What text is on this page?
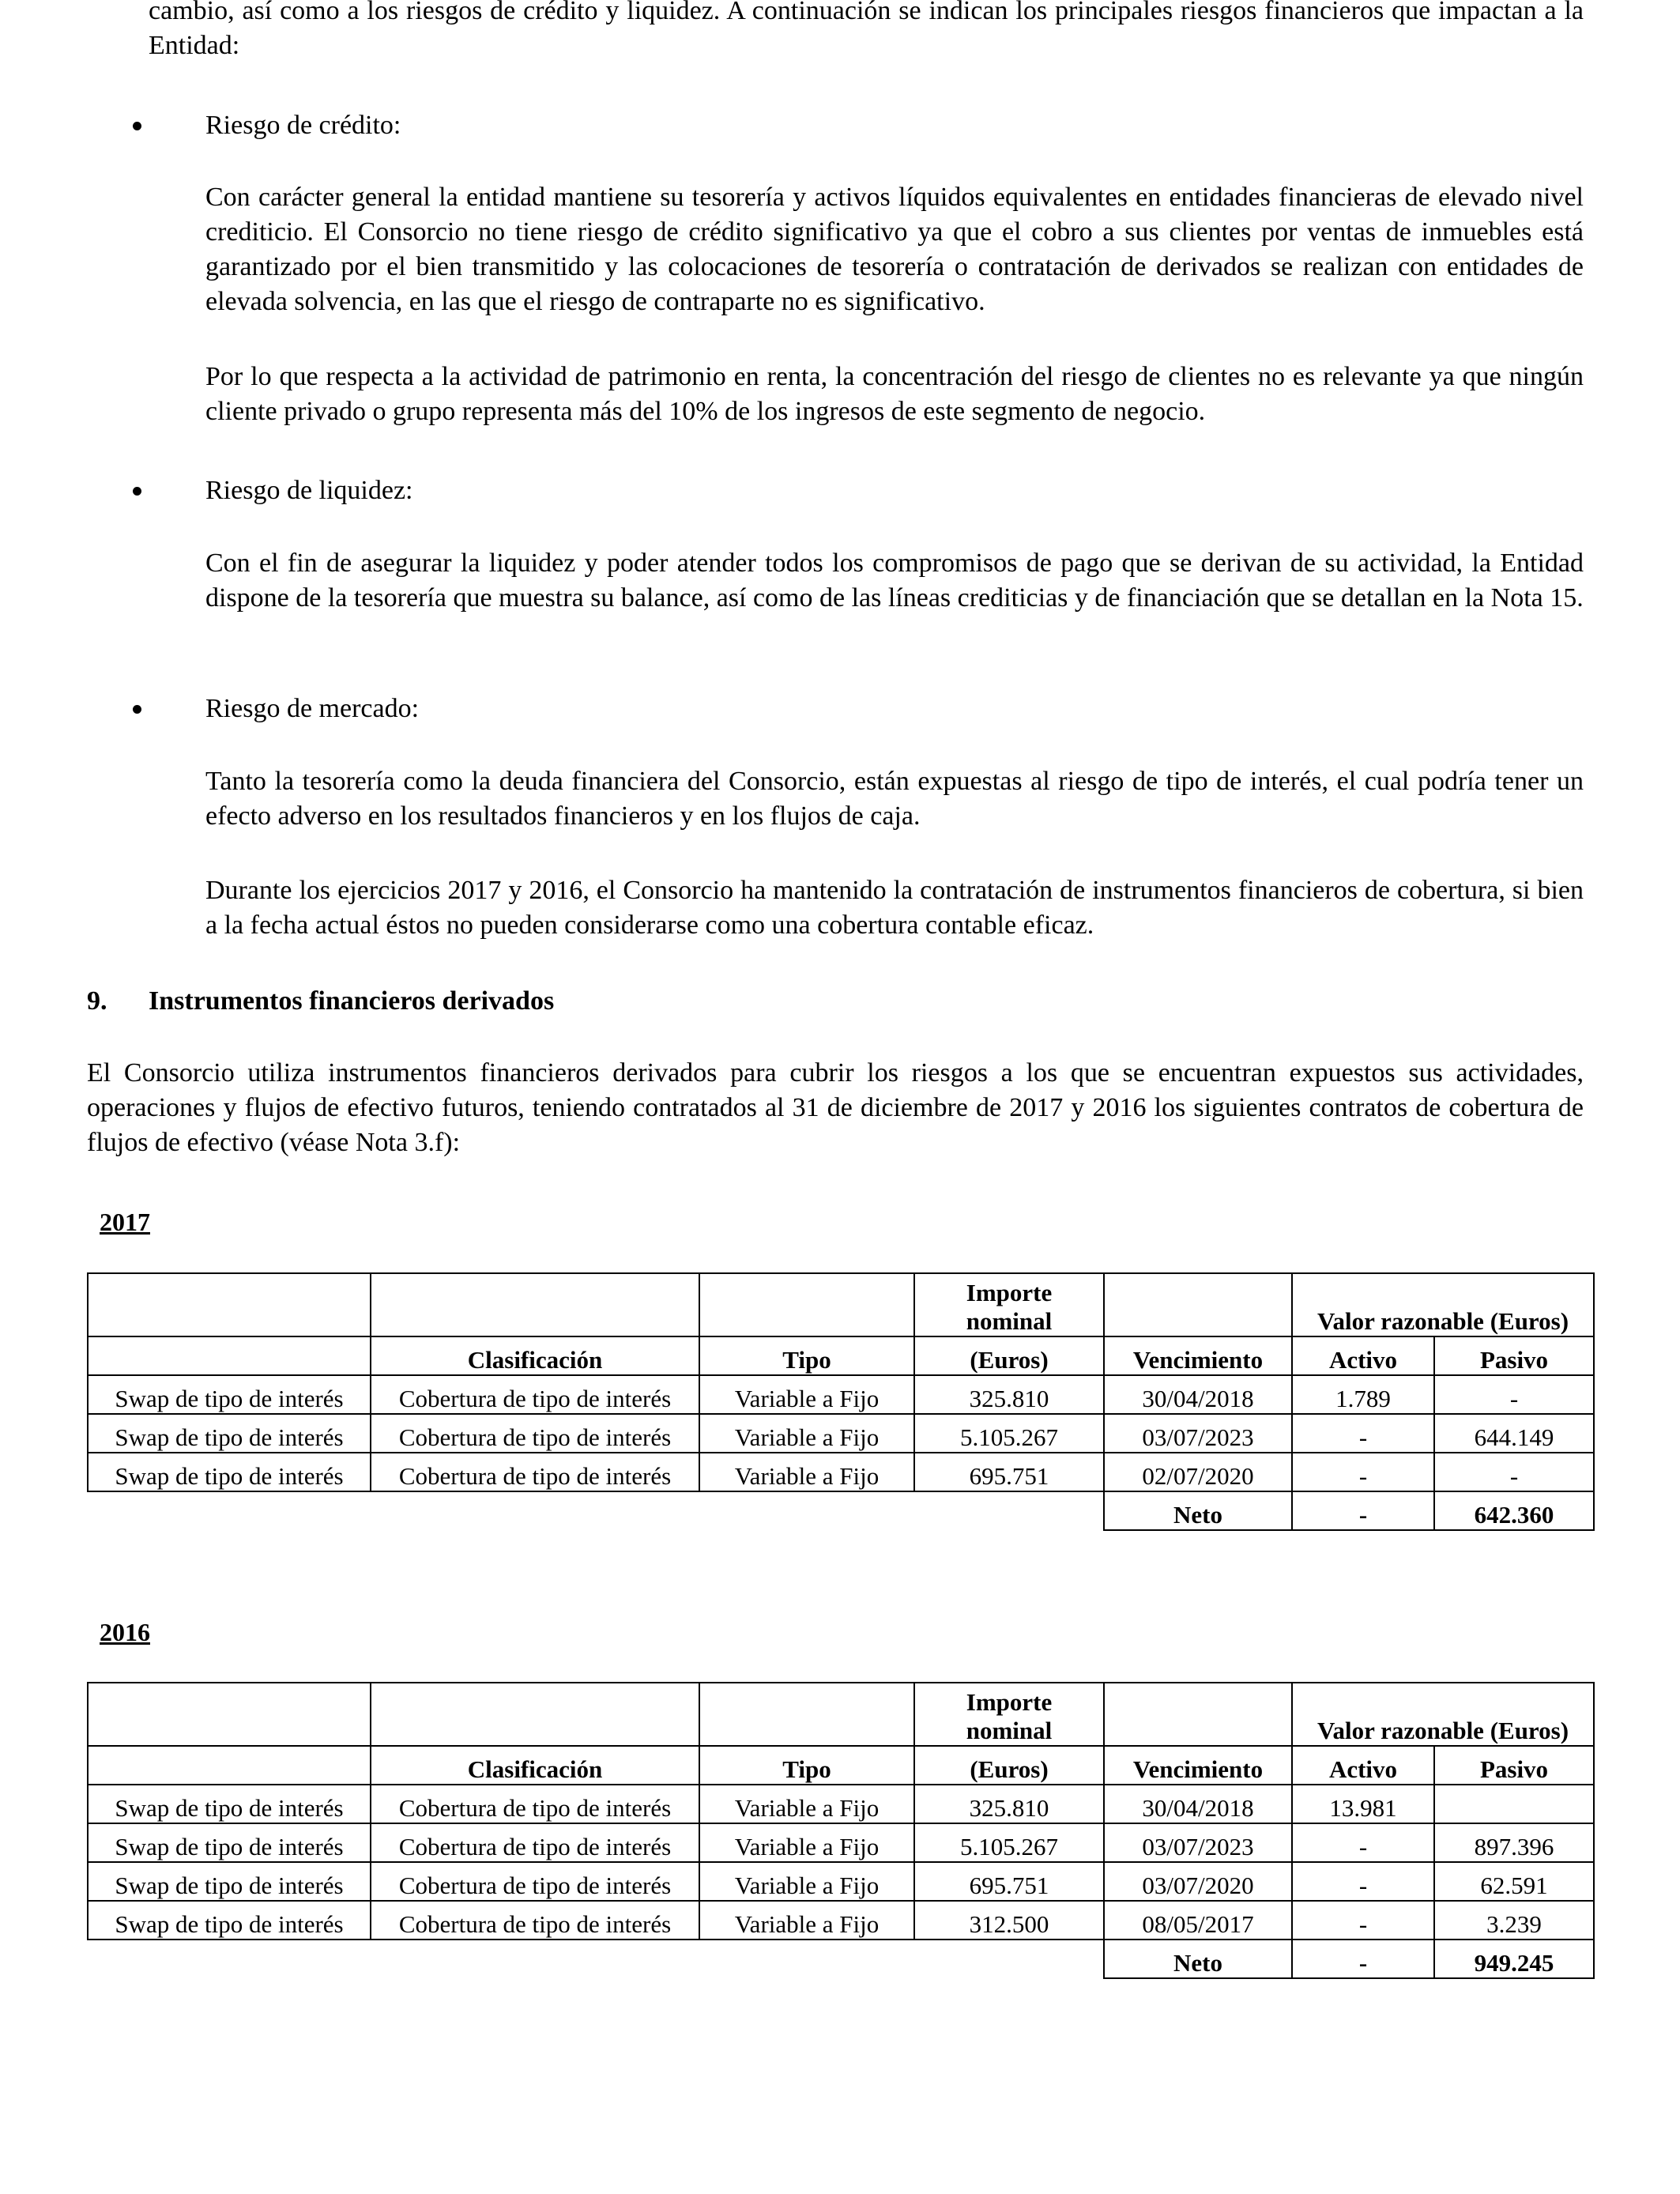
cambio, así como a los riesgos de crédito y liquidez. A continuación se indican los principales riesgos financieros que impactan a la Entidad:

Riesgo de crédito:

Con carácter general la entidad mantiene su tesorería y activos líquidos equivalentes en entidades financieras de elevado nivel crediticio. El Consorcio no tiene riesgo de crédito significativo ya que el cobro a sus clientes por ventas de inmuebles está garantizado por el bien transmitido y las colocaciones de tesorería o contratación de derivados se realizan con entidades de elevada solvencia, en las que el riesgo de contraparte no es significativo.

Por lo que respecta a la actividad de patrimonio en renta, la concentración del riesgo de clientes no es relevante ya que ningún cliente privado o grupo representa más del 10% de los ingresos de este segmento de negocio.

Riesgo de liquidez:

Con el fin de asegurar la liquidez y poder atender todos los compromisos de pago que se derivan de su actividad, la Entidad dispone de la tesorería que muestra su balance, así como de las líneas crediticias y de financiación que se detallan en la Nota 15.

Riesgo de mercado:

Tanto la tesorería como la deuda financiera del Consorcio, están expuestas al riesgo de tipo de interés, el cual podría tener un efecto adverso en los resultados financieros y en los flujos de caja.

Durante los ejercicios 2017 y 2016, el Consorcio ha mantenido la contratación de instrumentos financieros de cobertura, si bien a la fecha actual éstos no pueden considerarse como una cobertura contable eficaz.

9. Instrumentos financieros derivados

El Consorcio utiliza instrumentos financieros derivados para cubrir los riesgos a los que se encuentran expuestos sus actividades, operaciones y flujos de efectivo futuros, teniendo contratados al 31 de diciembre de 2017 y 2016 los siguientes contratos de cobertura de flujos de efectivo (véase Nota 3.f):

2017
			Importe
nominal		Valor razonable (Euros)	
	Clasificación	Tipo	(Euros)	Vencimiento	Activo	Pasivo
Swap de tipo de interés	Cobertura de tipo de interés	Variable a Fijo	325.810	30/04/2018	1.789	-
Swap de tipo de interés	Cobertura de tipo de interés	Variable a Fijo	5.105.267	03/07/2023	-	644.149
Swap de tipo de interés	Cobertura de tipo de interés	Variable a Fijo	695.751	02/07/2020	-	-
				Neto	-	642.360
2016
			Importe
nominal		Valor razonable (Euros)	
	Clasificación	Tipo	(Euros)	Vencimiento	Activo	Pasivo
Swap de tipo de interés	Cobertura de tipo de interés	Variable a Fijo	325.810	30/04/2018	13.981	
Swap de tipo de interés	Cobertura de tipo de interés	Variable a Fijo	5.105.267	03/07/2023	-	897.396
Swap de tipo de interés	Cobertura de tipo de interés	Variable a Fijo	695.751	03/07/2020	-	62.591
Swap de tipo de interés	Cobertura de tipo de interés	Variable a Fijo	312.500	08/05/2017	-	3.239
				Neto	-	949.245
